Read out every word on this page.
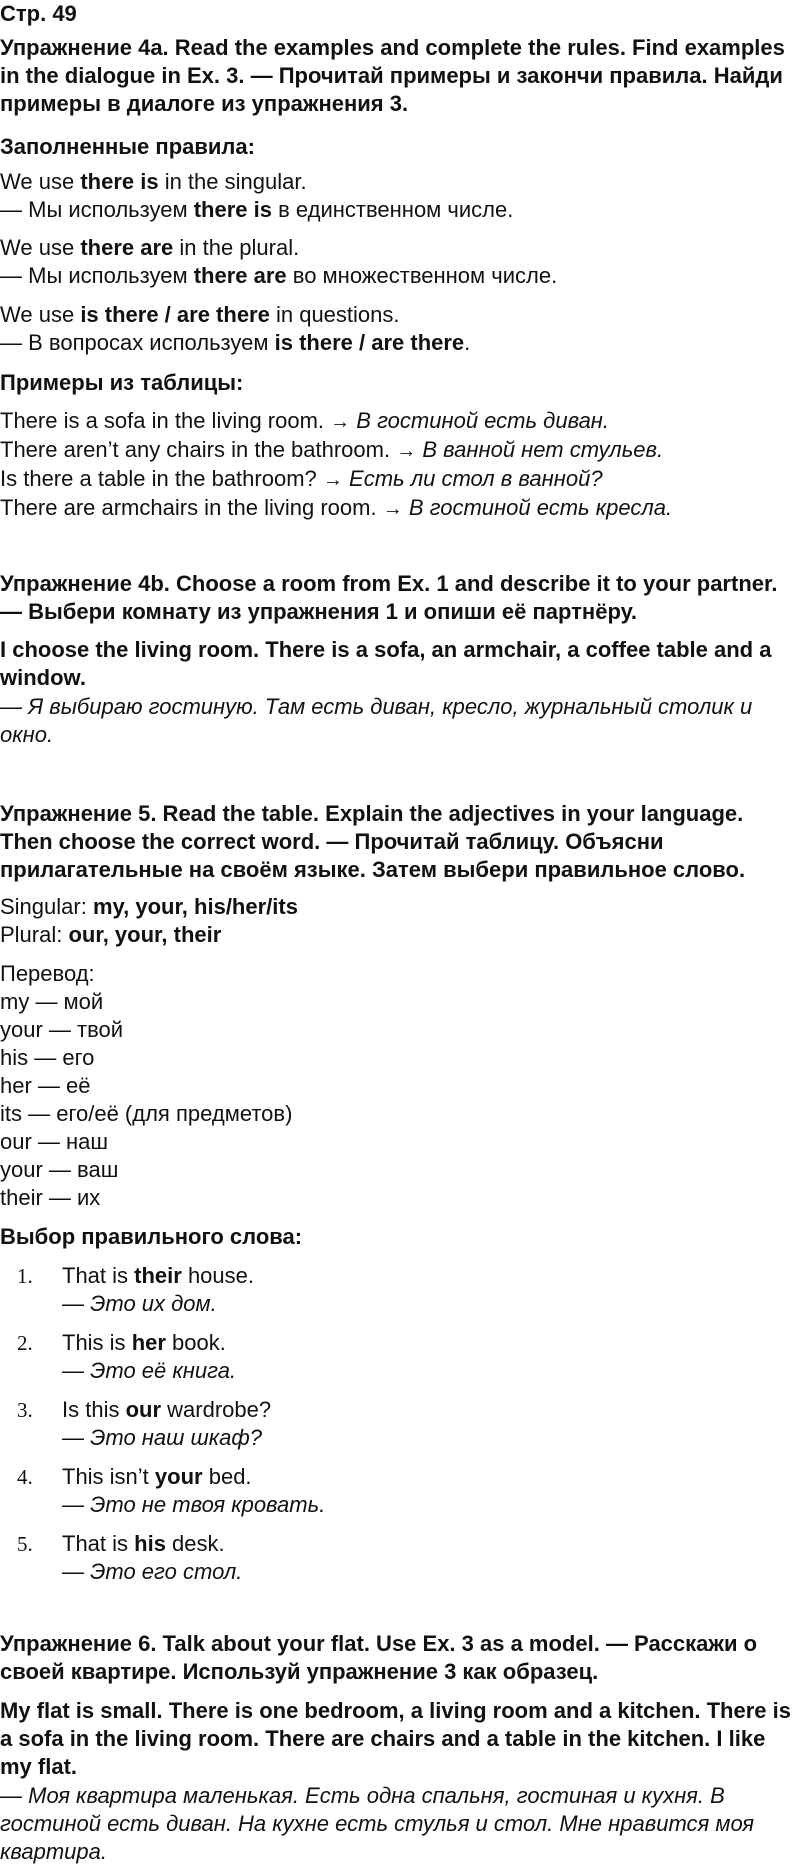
Стр. 49

Упражнение 4a. Read the examples and complete the rules. Find examples in the dialogue in Ex. 3. — Прочитай примеры и закончи правила. Найди примеры в диалоге из упражнения 3.

Заполненные правила:

We use there is in the singular.

— Мы используем there is в единственном числе.

We use there are in the plural.

— Мы используем there are во множественном числе.

We use is there / are there in questions.

— В вопросах используем is there / are there.

Примеры из таблицы:

There is a sofa in the living room. → В гостиной есть диван.

There aren’t any chairs in the bathroom. → В ванной нет стульев.

Is there a table in the bathroom? → Есть ли стол в ванной?

There are armchairs in the living room. → В гостиной есть кресла.

Упражнение 4b. Choose a room from Ex. 1 and describe it to your partner. — Выбери комнату из упражнения 1 и опиши её партнёру.

I choose the living room. There is a sofa, an armchair, a coffee table and a window.

— Я выбираю гостиную. Там есть диван, кресло, журнальный столик и окно.

Упражнение 5. Read the table. Explain the adjectives in your language. Then choose the correct word. — Прочитай таблицу. Объясни прилагательные на своём языке. Затем выбери правильное слово.

Singular: my, your, his/her/its

Plural: our, your, their

Перевод:

my — мой

your — твой

his — его

her — её

its — его/её (для предметов)

our — наш

your — ваш

their — их

Выбор правильного слова:

1. That is their house.

— Это их дом.

2. This is her book.

— Это её книга.

3. Is this our wardrobe?

— Это наш шкаф?

4. This isn’t your bed.

— Это не твоя кровать.

5. That is his desk.

— Это его стол.

Упражнение 6. Talk about your flat. Use Ex. 3 as a model. — Расскажи о своей квартире. Используй упражнение 3 как образец.

My flat is small. There is one bedroom, a living room and a kitchen. There is a sofa in the living room. There are chairs and a table in the kitchen. I like my flat.

— Моя квартира маленькая. Есть одна спальня, гостиная и кухня. В гостиной есть диван. На кухне есть стулья и стол. Мне нравится моя квартира.
